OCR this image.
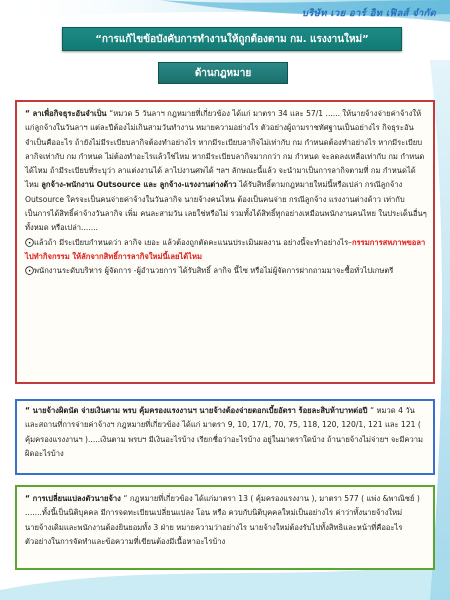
บริษัท เวย อาร์ อิท เฟิลส์ จำกัด
“การแก้ไขข้อบังคับการทำงานให้ถูกต้องตาม กม. แรงงานใหม่”
ด้านกฎหมาย

“ ลาเพื่อกิจธุระอันจำเป็น “หมวด 5 วันลาฯ กฎหมายที่เกี่ยวข้อง ได้แก่ มาตรา 34 และ 57/1 ...... ให้นายจ้างจ่ายค่าจ้างให้แก่ลูกจ้างในวันลาฯ แต่ละปีต้องไม่เกินสามวันทำงาน หมายความอย่างไร ตัวอย่างผู้ถามราชทัศฐานเป็นอย่างไร กิจธุระอันจำเป็นคืออะไร ถ้ายังไม่มีระเบียบลากิจต้องทำอย่างไร หากมีระเบียบลากิจไม่เท่ากับ กม กำหนดต้องทำอย่างไร หากมีระเบียบลากิจเท่ากับ กม กำหนด ไม่ต้องทำอะไรแล้วใช่ไหม หากมีระเบียบลากิจมากกว่า กม กำหนด จะลดลงเหลือเท่ากับ กม กำหนดได้ไหม ถ้ามีระเบียบที่ระบุว่า ลาแต่งงานได้ ลาไปงานศพได้ ฯลฯ ลักษณะนี้แล้ว จะนำมาเป็นการลากิจตามที่ กม กำหนดได้ไหม ลูกจ้าง-พนักงาน Outsource และ ลูกจ้าง-แรงงานต่างด้าว ได้รับสิทธิ์ตามกฎหมายใหม่นี้หรือเปล่า กรณีลูกจ้าง Outsource ใครจะเป็นคนจ่ายค่าจ้างในวันลากิจ นายจ้างคนไหน ต้องเป็นคนจ่าย กรณีลูกจ้าง แรงงานต่างด้าว เท่ากับเป็นการได้สิทธิ์ค่าจ้างวันลากิจ เพิ่ม คนละสามวัน เลยใช่หรือไม่ รวมทั้งได้สิทธิ์ทุกอย่างเหมือนพนักงานคนไทย ในประเด็นอื่นๆ ทั้งหมด หรือเปล่า.......

⨀แล้วถ้า มีระเบียบกำหนดว่า ลากิจ เยอะ แล้วต้องถูกตัดคะแนนประเมินผลงาน อย่างนี้จะทำอย่างไร–กรรมการสหภาพขอลาไปทำกิจกรรม ให้ลักจากสิทธิ์การลากิจใหม่นี้เลยได้ไหม

⨀พนักงานระดับบริหาร ผู้จัดการ -ผู้อำนวยการ ได้รับสิทธิ์ ลากิจ นี้ไซ หรือไม่ผู้จัดการฝากถามมาจะซื้อทั่วไปเกษตรี

“ นายจ้างผิดนัด จ่ายเงินตาม พรบ คุ้มครองแรงงานฯ นายจ้างต้องจ่ายดอกเบี้ยอัตรา ร้อยละสิบห้าบาทต่อปี “ หมวด 4 วันและสถานที่การจ่ายค่าจ้างฯ กฎหมายที่เกี่ยวข้อง ได้แก่ มาตรา 9, 10, 17/1, 70, 75, 118, 120, 120/1, 121 และ 121 ( คุ้มครองแรงงานฯ ).....เงินตาม พรบฯ มีเงินอะไรบ้าง เรียกชื่อว่าอะไรบ้าง อยู่ในมาตราใดบ้าง ถ้านายจ้างไม่จ่ายฯ จะมีความผิดอะไรบ้าง

“ การเปลี่ยนแปลงตัวนายจ้าง “ กฎหมายที่เกี่ยวข้อง ได้แก่มาตรา 13 ( คุ้มครองแรงงาน ), มาตรา 577 ( แพ่ง &พาณิชย์ ) .......ทั้งนี้เป็นนิติบุคคล มีการจดทะเบียนเปลี่ยนแปลง โอน หรือ ควบกับนิติบุคคลใหม่เป็นอย่างไร ค่าว่าทั้งนายจ้างใหม่นายจ้างเดิมและพนักงานต้องยินยอมทั้ง 3 ฝ่าย หมายความว่าอย่างไร นายจ้างใหม่ต้องรับไปทั้งสิทธิและหน้าที่คืออะไร ตัวอย่างในการจัดทำและข้อความที่เขียนต้องมีเนื้อหาอะไรบ้าง
